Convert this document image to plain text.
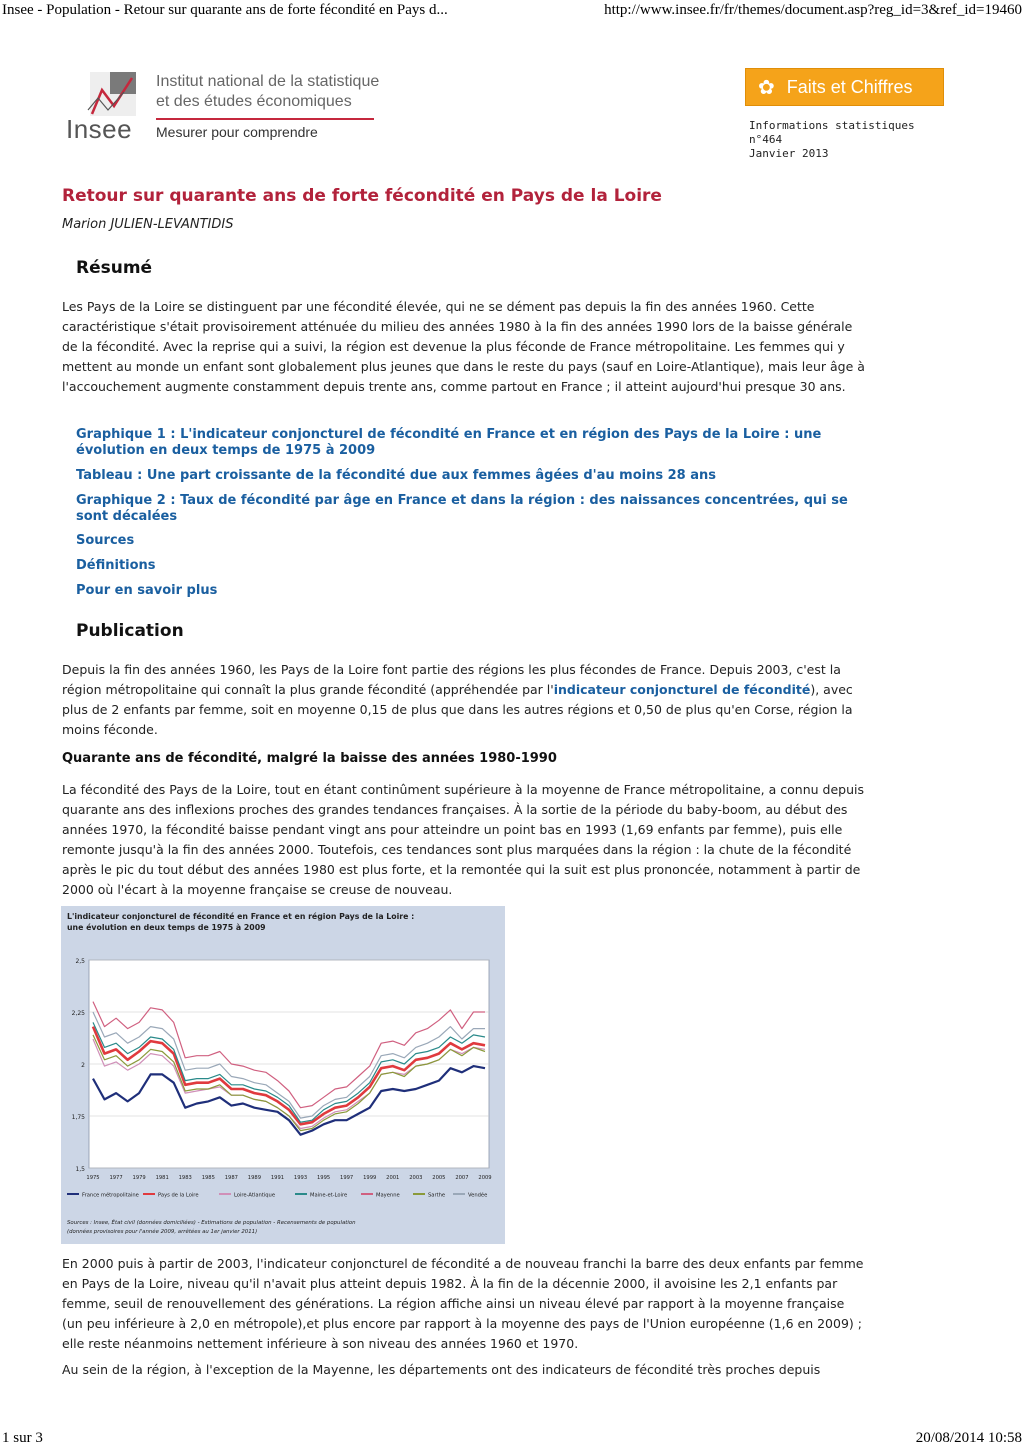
Insee - Population - Retour sur quarante ans de forte fécondité en Pays d...	http://www.insee.fr/fr/themes/document.asp?reg_id=3&ref_id=19460
Insee
Institut national de la statistique
et des études économiques
Mesurer pour comprendre
✿ Faits et Chiffres
Informations statistiques
n°464
Janvier 2013
Retour sur quarante ans de forte fécondité en Pays de la Loire
Marion JULIEN-LEVANTIDIS
Résumé

Les Pays de la Loire se distinguent par une fécondité élevée, qui ne se dément pas depuis la fin des années 1960. Cette caractéristique s'était provisoirement atténuée du milieu des années 1980 à la fin des années 1990 lors de la baisse générale de la fécondité. Avec la reprise qui a suivi, la région est devenue la plus féconde de France métropolitaine. Les femmes qui y mettent au monde un enfant sont globalement plus jeunes que dans le reste du pays (sauf en Loire-Atlantique), mais leur âge à l'accouchement augmente constamment depuis trente ans, comme partout en France ; il atteint aujourd'hui presque 30 ans.

Graphique 1 : L'indicateur conjoncturel de fécondité en France et en région des Pays de la Loire : une évolution en deux temps de 1975 à 2009
Tableau : Une part croissante de la fécondité due aux femmes âgées d'au moins 28 ans
Graphique 2 : Taux de fécondité par âge en France et dans la région : des naissances concentrées, qui se sont décalées
Sources
Définitions
Pour en savoir plus
Publication

Depuis la fin des années 1960, les Pays de la Loire font partie des régions les plus fécondes de France. Depuis 2003, c'est la région métropolitaine qui connaît la plus grande fécondité (appréhendée par l'indicateur conjoncturel de fécondité), avec plus de 2 enfants par femme, soit en moyenne 0,15 de plus que dans les autres régions et 0,50 de plus qu'en Corse, région la moins féconde.

Quarante ans de fécondité, malgré la baisse des années 1980-1990

La fécondité des Pays de la Loire, tout en étant continûment supérieure à la moyenne de France métropolitaine, a connu depuis quarante ans des inflexions proches des grandes tendances françaises. À la sortie de la période du baby-boom, au début des années 1970, la fécondité baisse pendant vingt ans pour atteindre un point bas en 1993 (1,69 enfants par femme), puis elle remonte jusqu'à la fin des années 2000. Toutefois, ces tendances sont plus marquées dans la région : la chute de la fécondité après le pic du tout début des années 1980 est plus forte, et la remontée qui la suit est plus prononcée, notamment à partir de 2000 où l'écart à la moyenne française se creuse de nouveau.

L'indicateur conjoncturel de fécondité en France et en région Pays de la Loire :
une évolution en deux temps de 1975 à 2009
2,5
2,25
2
1,75
1,5
1975 1977 1979 1981 1983 1985 1987 1989 1991 1993 1995 1997 1999 2001 2003 2005 2007 2009
France métropolitaine	Pays de la Loire	Loire-Atlantique	Maine-et-Loire	Mayenne	Sarthe	Vendée
Sources : Insee, État civil (données domiciliées) - Estimations de population - Recensements de population
(données provisoires pour l'année 2009, arrêtées au 1er janvier 2011)

En 2000 puis à partir de 2003, l'indicateur conjoncturel de fécondité a de nouveau franchi la barre des deux enfants par femme en Pays de la Loire, niveau qu'il n'avait plus atteint depuis 1982. À la fin de la décennie 2000, il avoisine les 2,1 enfants par femme, seuil de renouvellement des générations. La région affiche ainsi un niveau élevé par rapport à la moyenne française (un peu inférieure à 2,0 en métropole),et plus encore par rapport à la moyenne des pays de l'Union européenne (1,6 en 2009) ; elle reste néanmoins nettement inférieure à son niveau des années 1960 et 1970.

Au sein de la région, à l'exception de la Mayenne, les départements ont des indicateurs de fécondité très proches depuis

1 sur 3	20/08/2014 10:58
